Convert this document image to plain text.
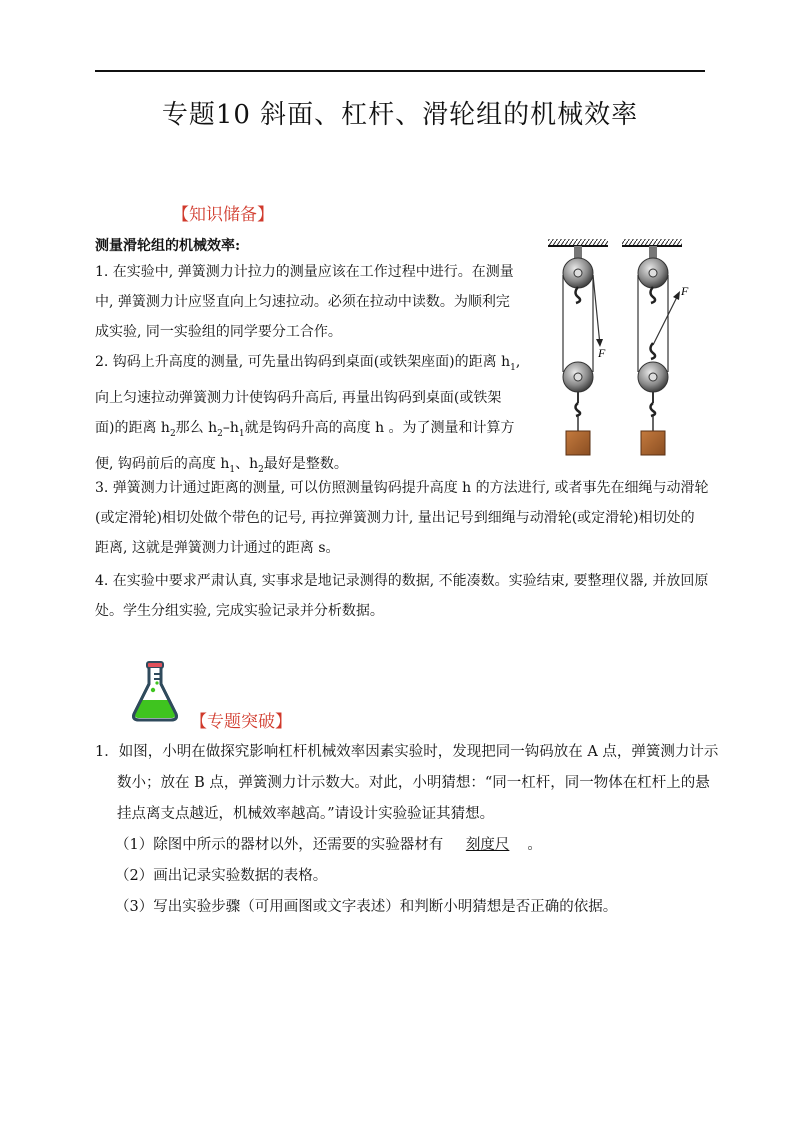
专题10 斜面、杠杆、滑轮组的机械效率
【知识储备】
测量滑轮组的机械效率:
1. 在实验中, 弹簧测力计拉力的测量应该在工作过程中进行。在测量
中, 弹簧测力计应竖直向上匀速拉动。必须在拉动中读数。为顺利完
成实验, 同一实验组的同学要分工合作。
2. 钩码上升高度的测量, 可先量出钩码到桌面(或铁架座面)的距离 $h_1$,
向上匀速拉动弹簧测力计使钩码升高后, 再量出钩码到桌面(或铁架
面)的距离 $h_2$那么 $h_2-h_1$就是钩码升高的高度 h 。为了测量和计算方
便, 钩码前后的高度 $h_1$、$h_2$最好是整数。
3. 弹簧测力计通过距离的测量, 可以仿照测量钩码提升高度 h 的方法进行, 或者事先在细绳与动滑轮
(或定滑轮)相切处做个带色的记号, 再拉弹簧测力计, 量出记号到细绳与动滑轮(或定滑轮)相切处的
距离, 这就是弹簧测力计通过的距离 s。
4. 在实验中要求严肃认真, 实事求是地记录测得的数据, 不能凑数。实验结束, 要整理仪器, 并放回原
处。学生分组实验, 完成实验记录并分析数据。
F
F
【专题突破】
1．如图，小明在做探究影响杠杆机械效率因素实验时，发现把同一钩码放在 A 点，弹簧测力计示
数小；放在 B 点，弹簧测力计示数大。对此，小明猜想：“同一杠杆，同一物体在杠杆上的悬
挂点离支点越近，机械效率越高。”请设计实验验证其猜想。
（1）除图中所示的器材以外，还需要的实验器材有 刻度尺 。
（2）画出记录实验数据的表格。
（3）写出实验步骤（可用画图或文字表述）和判断小明猜想是否正确的依据。
